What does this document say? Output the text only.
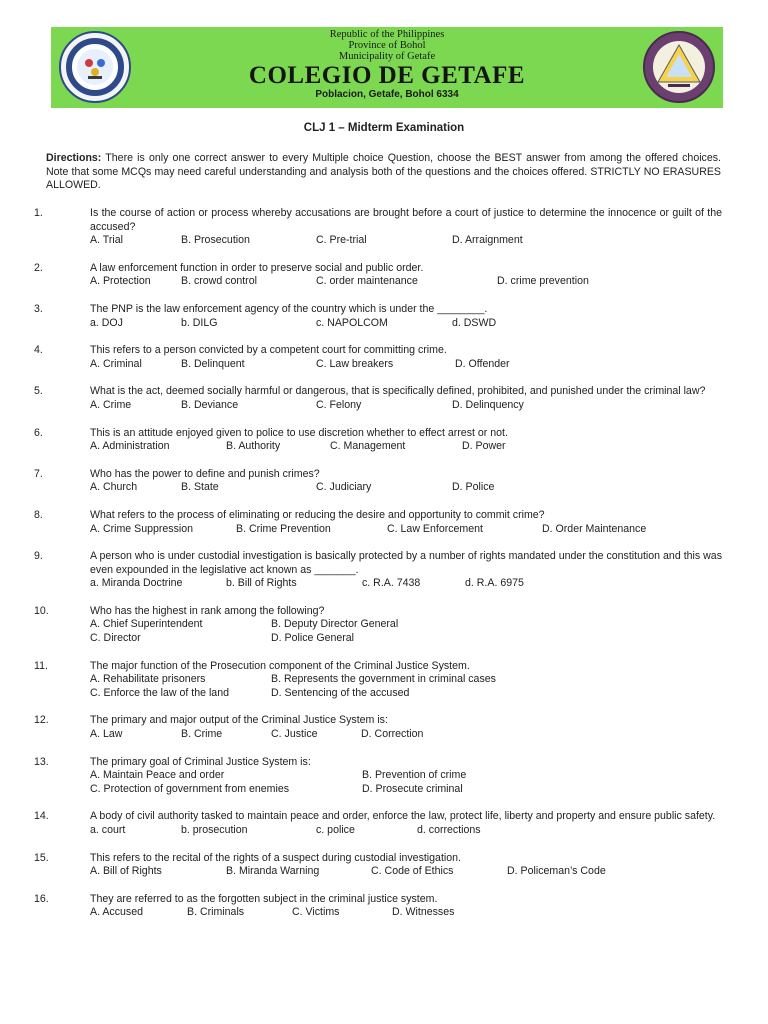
Republic of the Philippines
Province of Bohol
Municipality of Getafe
COLEGIO DE GETAFE
Poblacion, Getafe, Bohol 6334
CLJ 1 – Midterm Examination
Directions: There is only one correct answer to every Multiple choice Question, choose the BEST answer from among the offered choices. Note that some MCQs may need careful understanding and analysis both of the questions and the choices offered. STRICTLY NO ERASURES ALLOWED.
1.	Is the course of action or process whereby accusations are brought before a court of justice to determine the innocence or guilt of the accused?
A. Trial	B. Prosecution	C. Pre-trial	D. Arraignment
2.	A law enforcement function in order to preserve social and public order.
A. Protection	B. crowd control	C. order maintenance	D. crime prevention
3.	The PNP is the law enforcement agency of the country which is under the ________.
a. DOJ	b. DILG	c. NAPOLCOM	d. DSWD
4.	This refers to a person convicted by a competent court for committing crime.
A. Criminal	B. Delinquent	C. Law breakers	D. Offender
5.	What is the act, deemed socially harmful or dangerous, that is specifically defined, prohibited, and punished under the criminal law?
A. Crime	B. Deviance	C. Felony	D. Delinquency
6.	This is an attitude enjoyed given to police to use discretion whether to effect arrest or not.
A. Administration	B. Authority	C. Management	D. Power
7.	Who has the power to define and punish crimes?
A. Church	B. State	C. Judiciary	D. Police
8.	What refers to the process of eliminating or reducing the desire and opportunity to commit crime?
A. Crime Suppression	B. Crime Prevention	C. Law Enforcement	D. Order Maintenance
9.	A person who is under custodial investigation is basically protected by a number of rights mandated under the constitution and this was even expounded in the legislative act known as _______.
a. Miranda Doctrine	b. Bill of Rights	c. R.A. 7438	d. R.A. 6975
10.	Who has the highest in rank among the following?
A. Chief Superintendent	B. Deputy Director General
C. Director	D. Police General
11.	The major function of the Prosecution component of the Criminal Justice System.
A. Rehabilitate prisoners	B. Represents the government in criminal cases
C. Enforce the law of the land	D. Sentencing of the accused
12.	The primary and major output of the Criminal Justice System is:
A. Law	B. Crime	C. Justice	D. Correction
13.	The primary goal of Criminal Justice System is:
A. Maintain Peace and order	B. Prevention of crime
C. Protection of government from enemies	D. Prosecute criminal
14.	A body of civil authority tasked to maintain peace and order, enforce the law, protect life, liberty and property and ensure public safety.
a. court	b. prosecution	c. police	d. corrections
15.	This refers to the recital of the rights of a suspect during custodial investigation.
A. Bill of Rights	B. Miranda Warning	C. Code of Ethics	D. Policeman’s Code
16.	They are referred to as the forgotten subject in the criminal justice system.
A. Accused	B. Criminals	C. Victims	D. Witnesses
